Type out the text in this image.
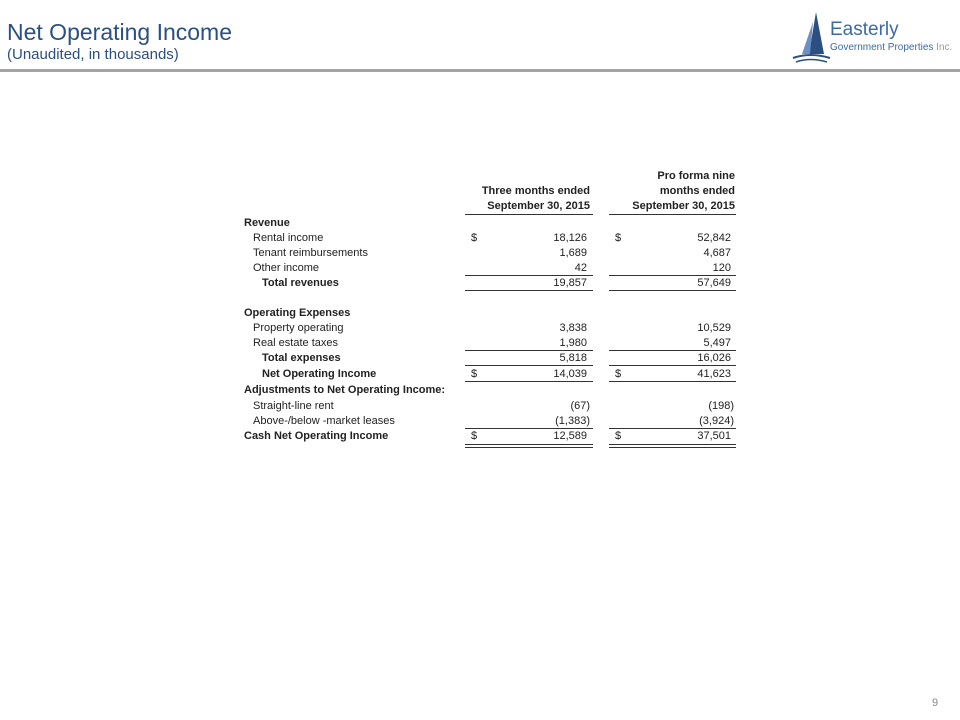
Net Operating Income
(Unaudited, in thousands)
Easterly
Government Properties Inc.
Three months ended
September 30, 2015
Pro forma nine
months ended
September 30, 2015
Revenue
Rental income	$	18,126	$	52,842
Tenant reimbursements	1,689	4,687
Other income	42	120
Total revenues	19,857	57,649
Operating Expenses
Property operating	3,838	10,529
Real estate taxes	1,980	5,497
Total expenses	5,818	16,026
Net Operating Income	$	14,039	$	41,623
Adjustments to Net Operating Income:
Straight-line rent	(67)	(198)
Above-/below -market leases	(1,383)	(3,924)
Cash Net Operating Income	$	12,589	$	37,501
9
